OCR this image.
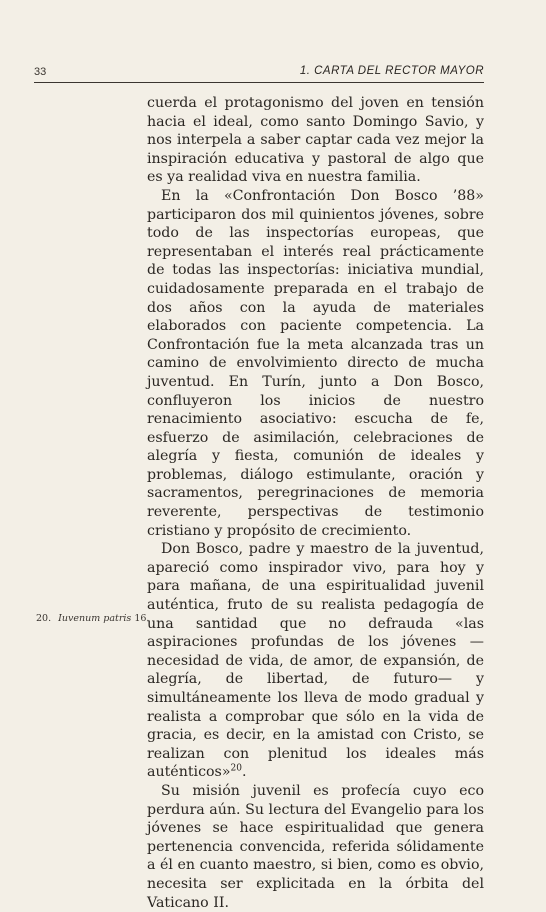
33	1. CARTA DEL RECTOR MAYOR

cuerda el protagonismo del joven en tensión hacia el ideal, como santo Domingo Savio, y nos interpela a saber captar cada vez mejor la inspiración educativa y pastoral de algo que es ya realidad viva en nuestra familia.

En la «Confrontación Don Bosco ’88» participaron dos mil quinientos jóvenes, sobre todo de las inspectorías europeas, que representaban el interés real prácticamente de todas las inspectorías: iniciativa mundial, cuidadosamente preparada en el trabajo de dos años con la ayuda de materiales elaborados con paciente competencia. La Confrontación fue la meta alcanzada tras un camino de envolvimiento directo de mucha juventud. En Turín, junto a Don Bosco, confluyeron los inicios de nuestro renacimiento asociativo: escucha de fe, esfuerzo de asimilación, celebraciones de alegría y fiesta, comunión de ideales y problemas, diálogo estimulante, oración y sacramentos, peregrinaciones de memoria reverente, perspectivas de testimonio cristiano y propósito de crecimiento.

Don Bosco, padre y maestro de la juventud, apareció como inspirador vivo, para hoy y para mañana, de una espiritualidad juvenil auténtica, fruto de su realista pedagogía de una santidad que no defrauda «las aspiraciones profundas de los jóvenes —necesidad de vida, de amor, de expansión, de alegría, de libertad, de futuro— y simultáneamente los lleva de modo gradual y realista a comprobar que sólo en la vida de gracia, es decir, en la amistad con Cristo, se realizan con plenitud los ideales más auténticos»$^{20}$.

Su misión juvenil es profecía cuyo eco perdura aún. Su lectura del Evangelio para los jóvenes se hace espiritualidad que genera pertenencia convencida, referida sólidamente a él en cuanto maestro, si bien, como es obvio, necesita ser explicitada en la órbita del Vaticano II.

20. Iuvenum patris 16.
